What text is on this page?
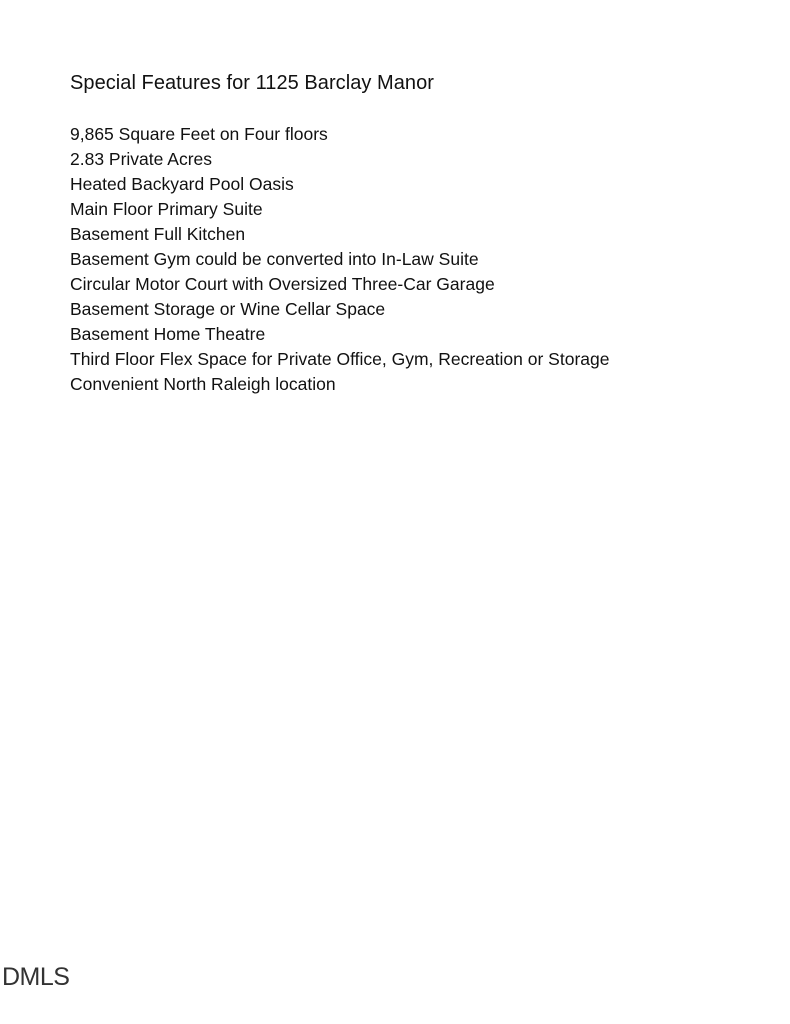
Special Features for 1125 Barclay Manor
9,865 Square Feet on Four floors
2.83 Private Acres
Heated Backyard Pool Oasis
Main Floor Primary Suite
Basement Full Kitchen
Basement Gym could be converted into In-Law Suite
Circular Motor Court with Oversized Three-Car Garage
Basement Storage or Wine Cellar Space
Basement Home Theatre
Third Floor Flex Space for Private Office, Gym, Recreation or Storage
Convenient North Raleigh location
DMLS
